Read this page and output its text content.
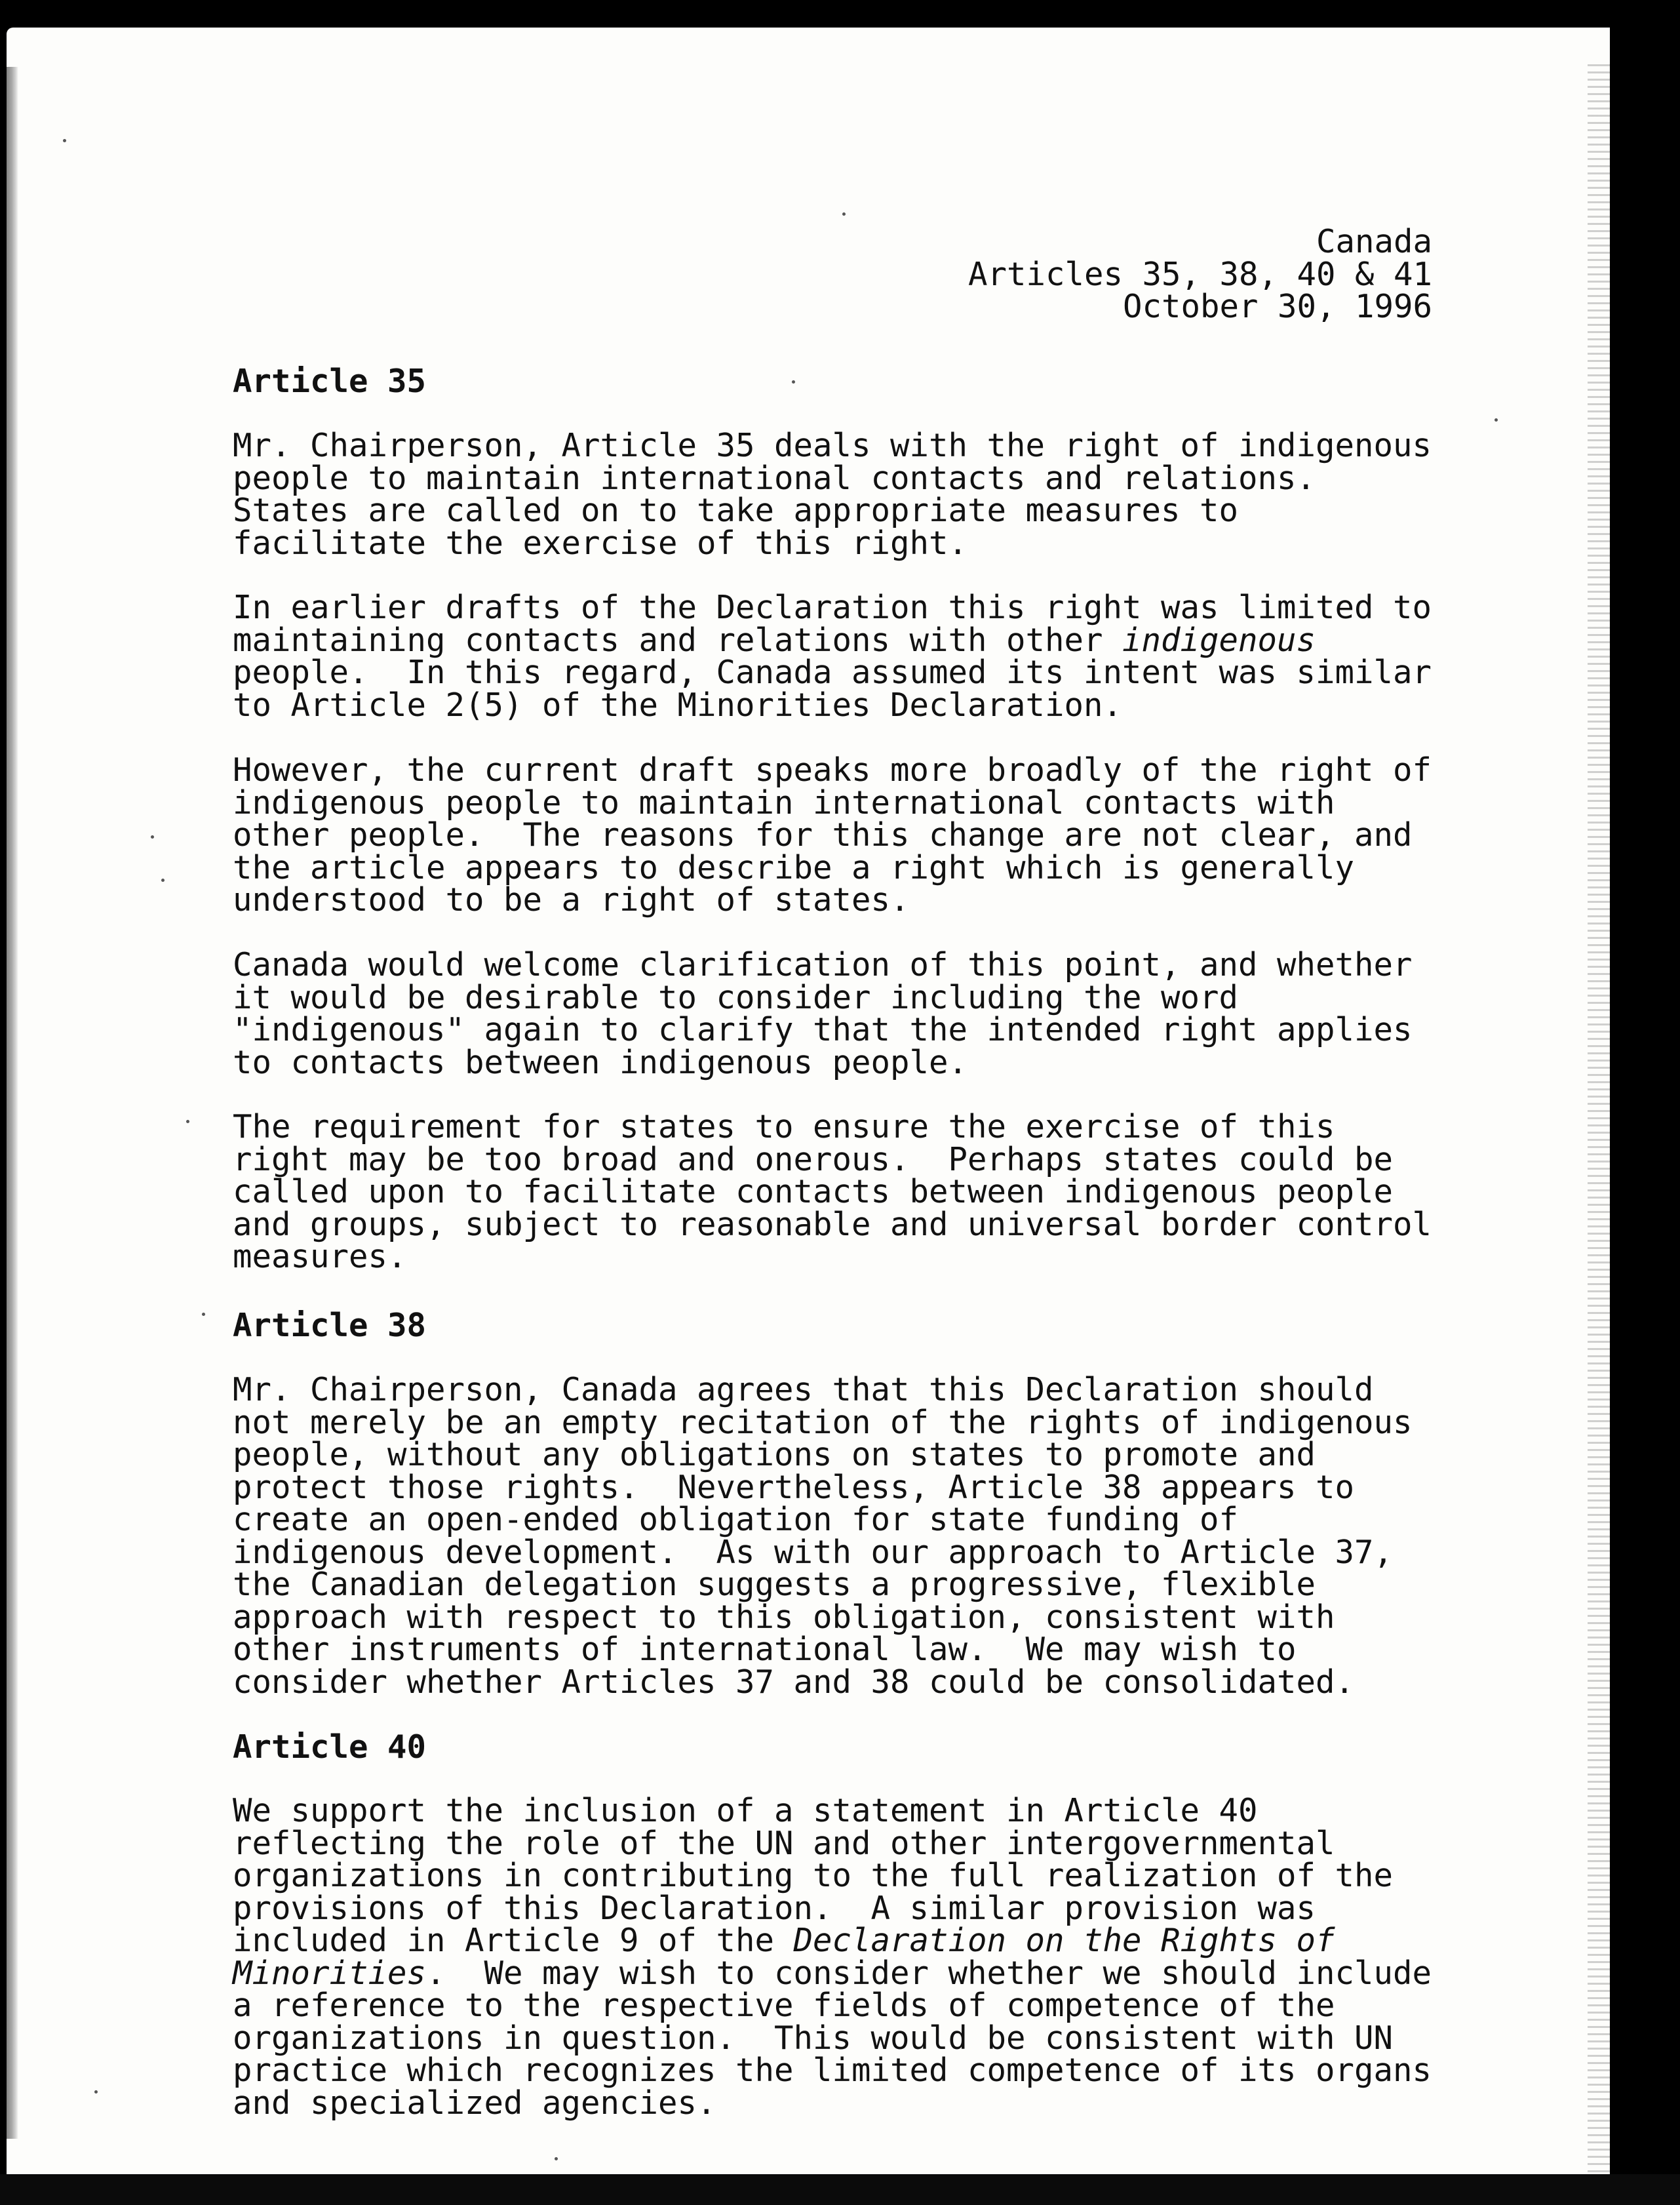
Canada
Articles 35, 38, 40 & 41
October 30, 1996
Article 35
Mr. Chairperson, Article 35 deals with the right of indigenous
people to maintain international contacts and relations.
States are called on to take appropriate measures to
facilitate the exercise of this right.
In earlier drafts of the Declaration this right was limited to
maintaining contacts and relations with other indigenous
people.  In this regard, Canada assumed its intent was similar
to Article 2(5) of the Minorities Declaration.
However, the current draft speaks more broadly of the right of
indigenous people to maintain international contacts with
other people.  The reasons for this change are not clear, and
the article appears to describe a right which is generally
understood to be a right of states.
Canada would welcome clarification of this point, and whether
it would be desirable to consider including the word
"indigenous" again to clarify that the intended right applies
to contacts between indigenous people.
The requirement for states to ensure the exercise of this
right may be too broad and onerous.  Perhaps states could be
called upon to facilitate contacts between indigenous people
and groups, subject to reasonable and universal border control
measures.
Article 38
Mr. Chairperson, Canada agrees that this Declaration should
not merely be an empty recitation of the rights of indigenous
people, without any obligations on states to promote and
protect those rights.  Nevertheless, Article 38 appears to
create an open-ended obligation for state funding of
indigenous development.  As with our approach to Article 37,
the Canadian delegation suggests a progressive, flexible
approach with respect to this obligation, consistent with
other instruments of international law.  We may wish to
consider whether Articles 37 and 38 could be consolidated.
Article 40
We support the inclusion of a statement in Article 40
reflecting the role of the UN and other intergovernmental
organizations in contributing to the full realization of the
provisions of this Declaration.  A similar provision was
included in Article 9 of the Declaration on the Rights of
Minorities.  We may wish to consider whether we should include
a reference to the respective fields of competence of the
organizations in question.  This would be consistent with UN
practice which recognizes the limited competence of its organs
and specialized agencies.
